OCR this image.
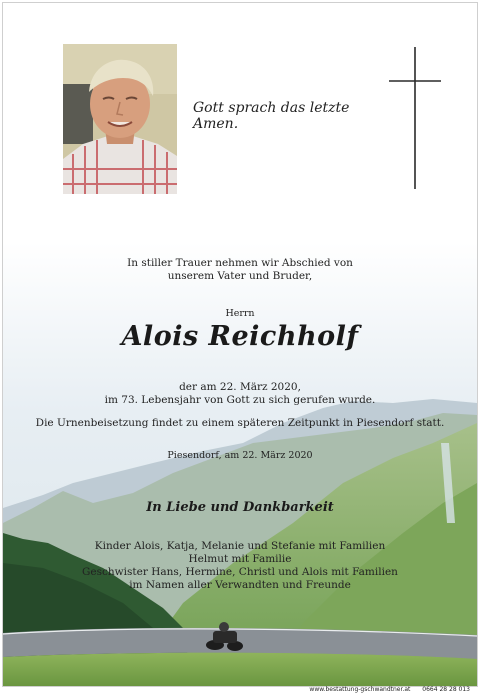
Gott sprach das letzte Amen.
In stiller Trauer nehmen wir Abschied von
unserem Vater und Bruder,
Herrn
Alois Reichholf
der am 22. März 2020,
im 73. Lebensjahr von Gott zu sich gerufen wurde.
Die Urnenbeisetzung findet zu einem späteren Zeitpunkt in Piesendorf statt.
Piesendorf, am 22. März 2020
In Liebe und Dankbarkeit
Kinder Alois, Katja, Melanie und Stefanie mit Familien
Helmut mit Familie
Geschwister Hans, Hermine, Christl und Alois mit Familien
im Namen aller Verwandten und Freunde
www.bestattung-gschwandtner.at 0664 28 28 013
